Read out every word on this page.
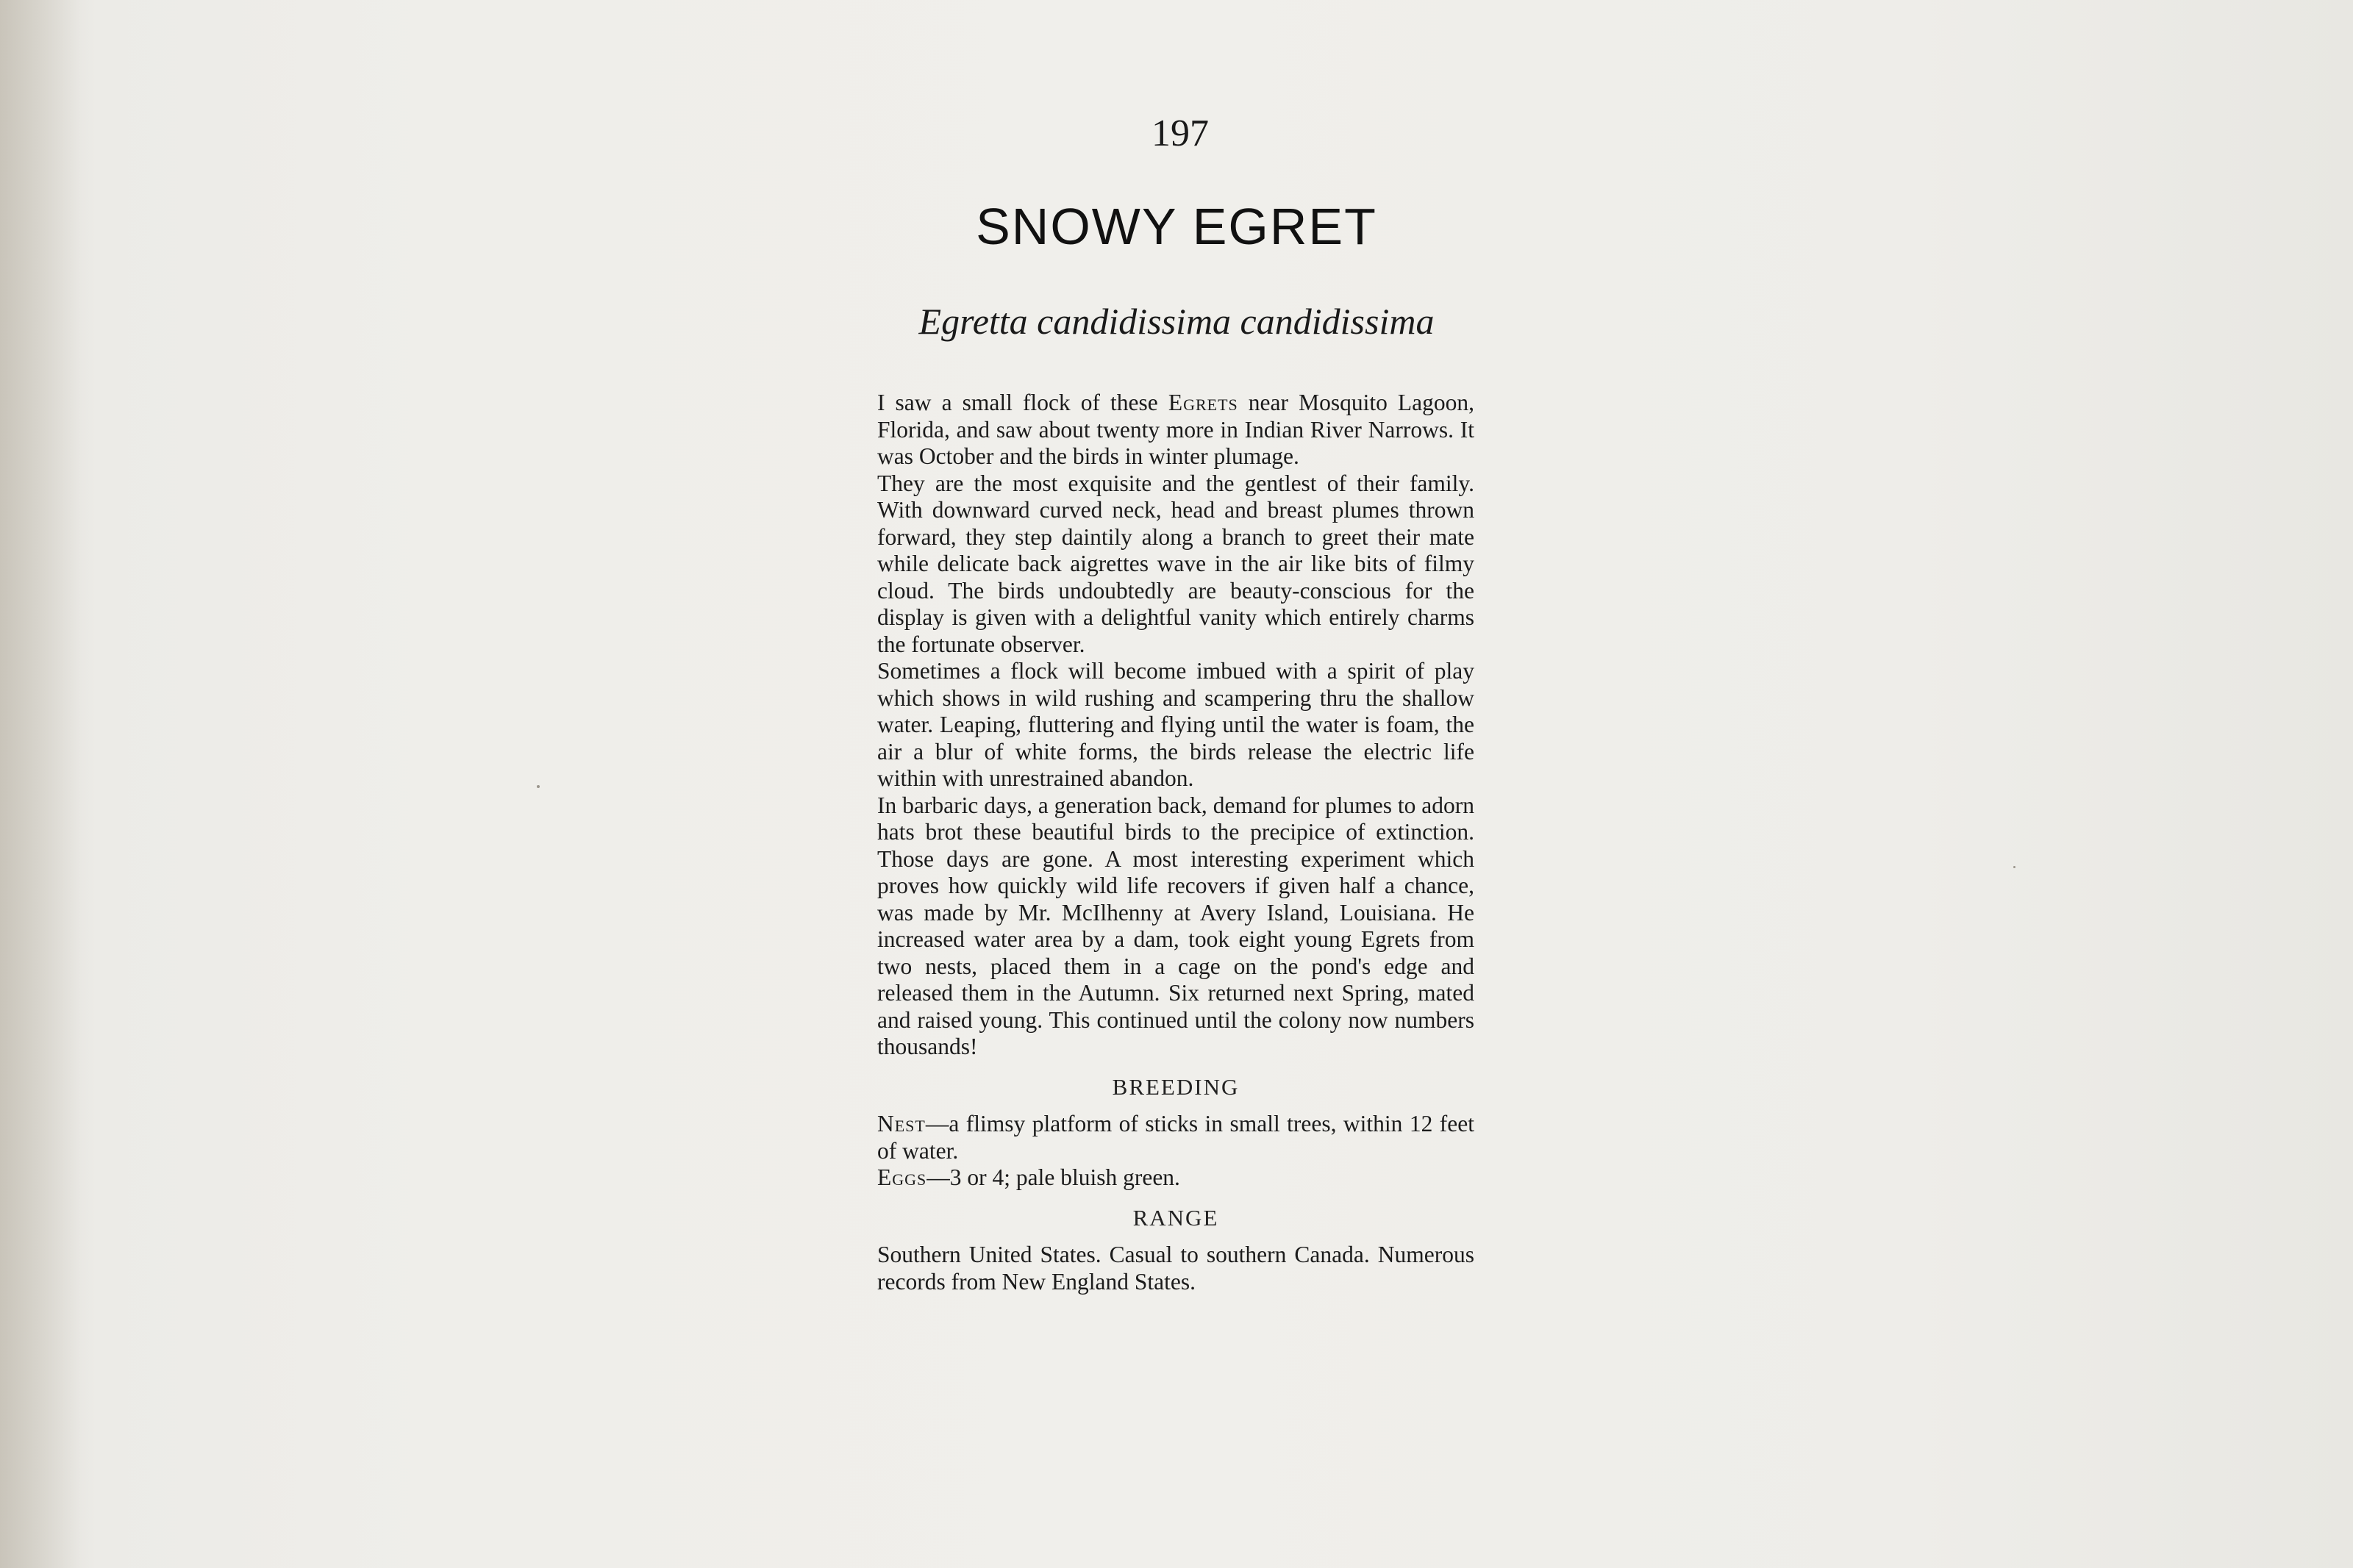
197
SNOWY EGRET
Egretta candidissima candidissima

I saw a small flock of these Egrets near Mosquito Lagoon, Florida, and saw about twenty more in Indian River Narrows. It was October and the birds in winter plumage.

They are the most exquisite and the gentlest of their family. With downward curved neck, head and breast plumes thrown forward, they step daintily along a branch to greet their mate while delicate back aigrettes wave in the air like bits of filmy cloud. The birds undoubtedly are beauty-conscious for the display is given with a delightful vanity which entirely charms the fortunate observer.

Sometimes a flock will become imbued with a spirit of play which shows in wild rushing and scampering thru the shallow water. Leaping, fluttering and flying until the water is foam, the air a blur of white forms, the birds release the electric life within with unrestrained abandon.

In barbaric days, a generation back, demand for plumes to adorn hats brot these beautiful birds to the precipice of extinction. Those days are gone. A most interesting experiment which proves how quickly wild life recovers if given half a chance, was made by Mr. McIlhenny at Avery Island, Louisiana. He increased water area by a dam, took eight young Egrets from two nests, placed them in a cage on the pond's edge and released them in the Autumn. Six returned next Spring, mated and raised young. This continued until the colony now numbers thousands!

BREEDING

Nest—a flimsy platform of sticks in small trees, within 12 feet of water.

Eggs—3 or 4; pale bluish green.

RANGE

Southern United States. Casual to southern Canada. Numerous records from New England States.
